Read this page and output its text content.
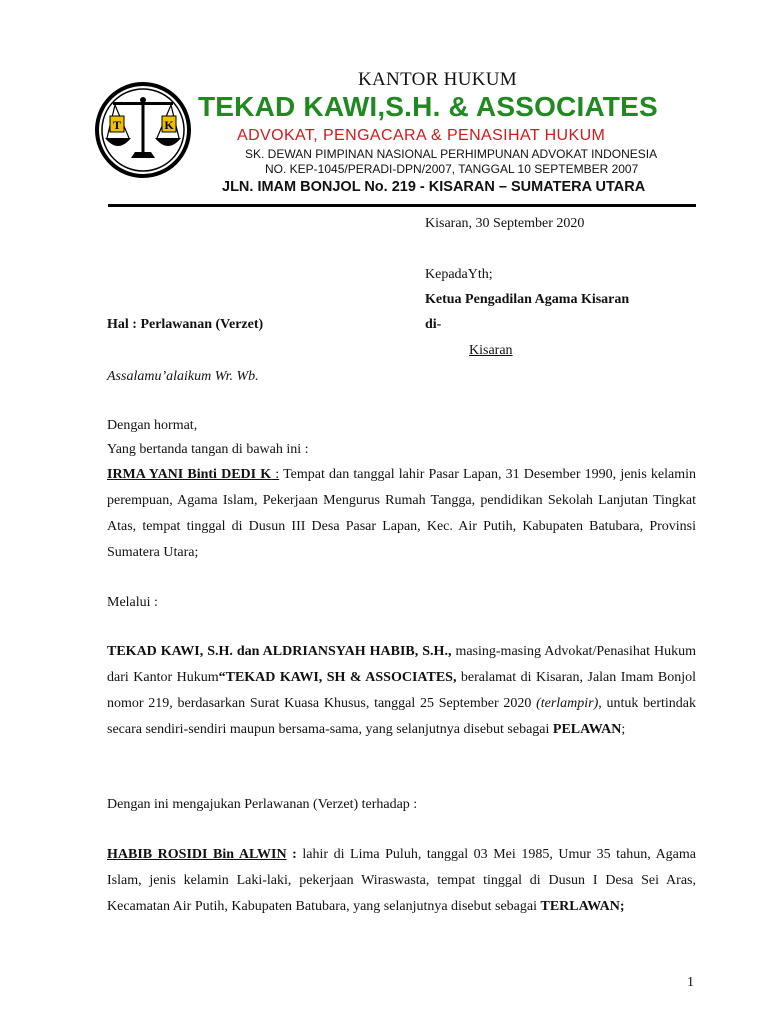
T	K
KANTOR HUKUM
TEKAD KAWI,S.H. & ASSOCIATES
ADVOKAT, PENGACARA & PENASIHAT HUKUM
SK. DEWAN PIMPINAN NASIONAL PERHIMPUNAN ADVOKAT INDONESIA
NO. KEP-1045/PERADI-DPN/2007, TANGGAL 10 SEPTEMBER 2007
JLN. IMAM BONJOL No. 219 - KISARAN – SUMATERA UTARA
Kisaran, 30 September 2020
KepadaYth;
Ketua Pengadilan Agama Kisaran
Hal : Perlawanan (Verzet)	di-
Kisaran
Assalamu’alaikum Wr. Wb.
Dengan hormat,
Yang bertanda tangan di bawah ini :
IRMA YANI Binti DEDI K : Tempat dan tanggal lahir Pasar Lapan, 31 Desember 1990, jenis kelamin perempuan, Agama Islam, Pekerjaan Mengurus Rumah Tangga, pendidikan Sekolah Lanjutan Tingkat Atas, tempat tinggal di Dusun III Desa Pasar Lapan, Kec. Air Putih, Kabupaten Batubara, Provinsi Sumatera Utara;
Melalui :
TEKAD KAWI, S.H. dan ALDRIANSYAH HABIB, S.H., masing-masing Advokat/Penasihat Hukum dari Kantor Hukum“TEKAD KAWI, SH & ASSOCIATES, beralamat di Kisaran, Jalan Imam Bonjol nomor 219, berdasarkan Surat Kuasa Khusus, tanggal 25 September 2020 (terlampir), untuk bertindak secara sendiri-sendiri maupun bersama-sama, yang selanjutnya disebut sebagai PELAWAN;
Dengan ini mengajukan Perlawanan (Verzet) terhadap :
HABIB ROSIDI Bin ALWIN : lahir di Lima Puluh, tanggal 03 Mei 1985, Umur 35 tahun, Agama Islam, jenis kelamin Laki-laki, pekerjaan Wiraswasta, tempat tinggal di Dusun I Desa Sei Aras, Kecamatan Air Putih, Kabupaten Batubara, yang selanjutnya disebut sebagai TERLAWAN;
1
